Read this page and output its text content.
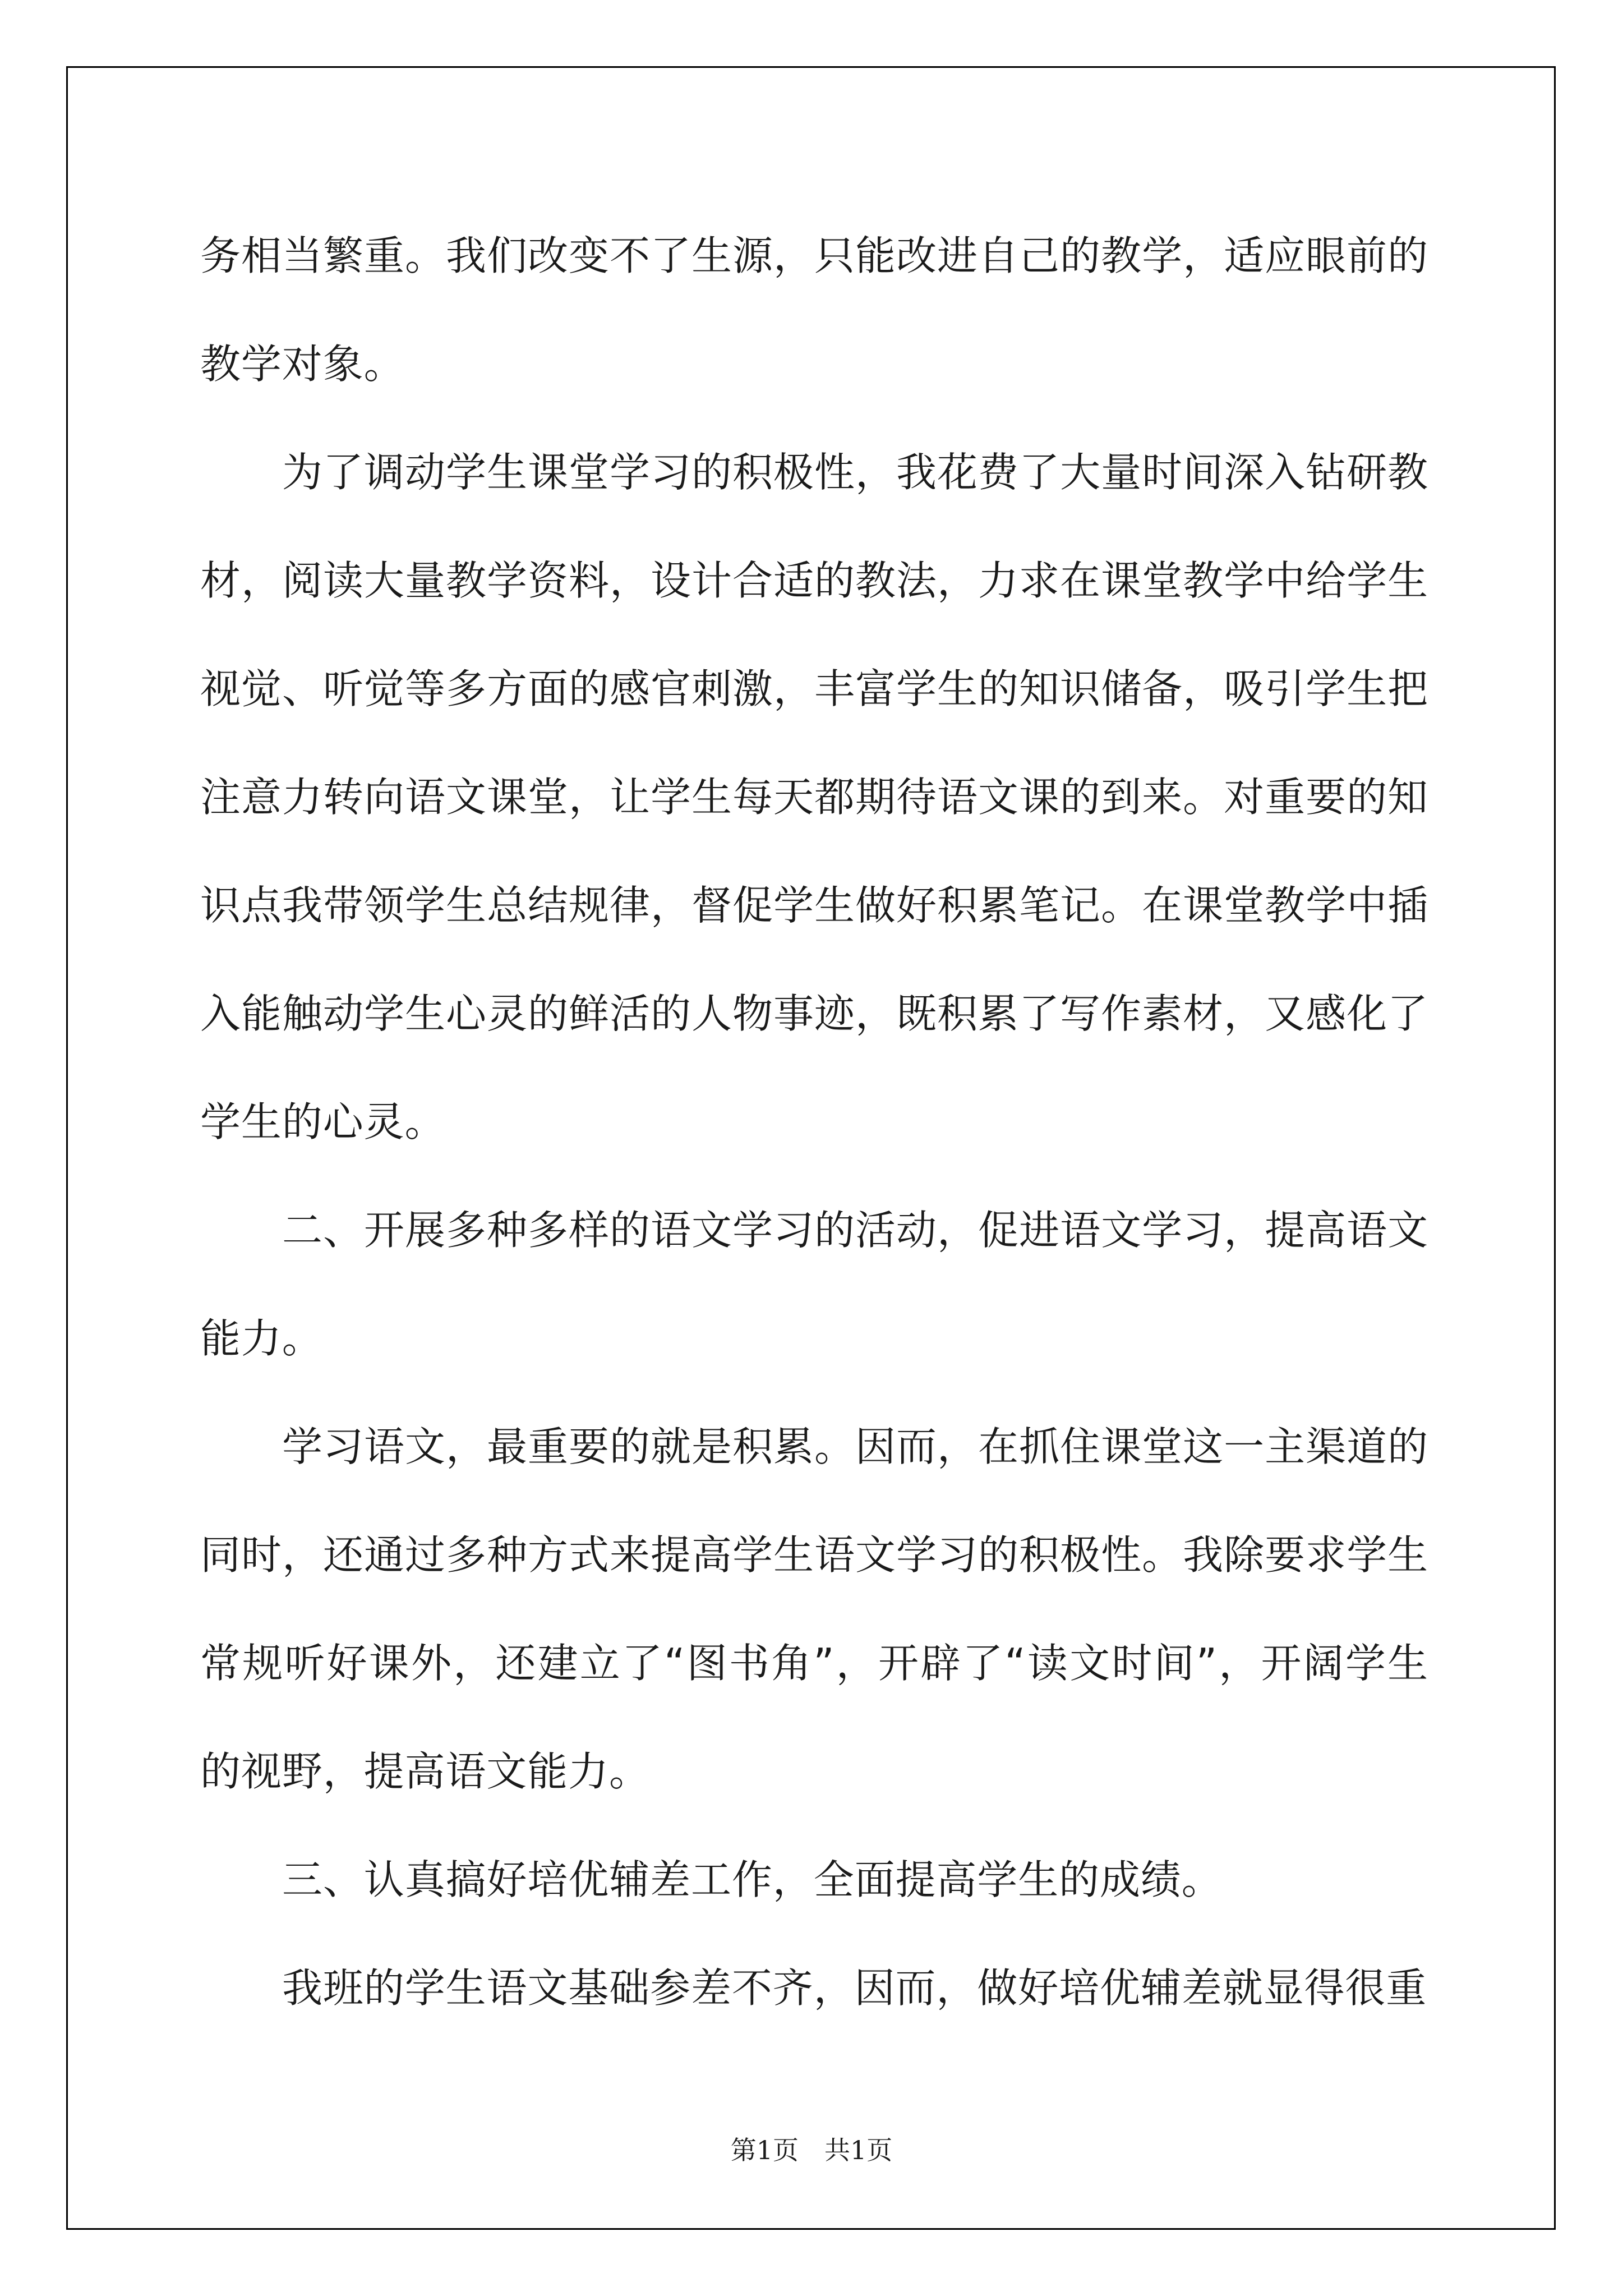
务相当繁重。我们改变不了生源，只能改进自己的教学，适应眼前的教学对象。

为了调动学生课堂学习的积极性，我花费了大量时间深入钻研教材，阅读大量教学资料，设计合适的教法，力求在课堂教学中给学生视觉、听觉等多方面的感官刺激，丰富学生的知识储备，吸引学生把注意力转向语文课堂，让学生每天都期待语文课的到来。对重要的知识点我带领学生总结规律，督促学生做好积累笔记。在课堂教学中插入能触动学生心灵的鲜活的人物事迹，既积累了写作素材，又感化了学生的心灵。

二、开展多种多样的语文学习的活动，促进语文学习，提高语文能力。

学习语文，最重要的就是积累。因而，在抓住课堂这一主渠道的同时，还通过多种方式来提高学生语文学习的积极性。我除要求学生常规听好课外，还建立了“图书角”，开辟了“读文时间”，开阔学生的视野，提高语文能力。

三、认真搞好培优辅差工作，全面提高学生的成绩。

我班的学生语文基础参差不齐，因而，做好培优辅差就显得很重

第1页　共1页
